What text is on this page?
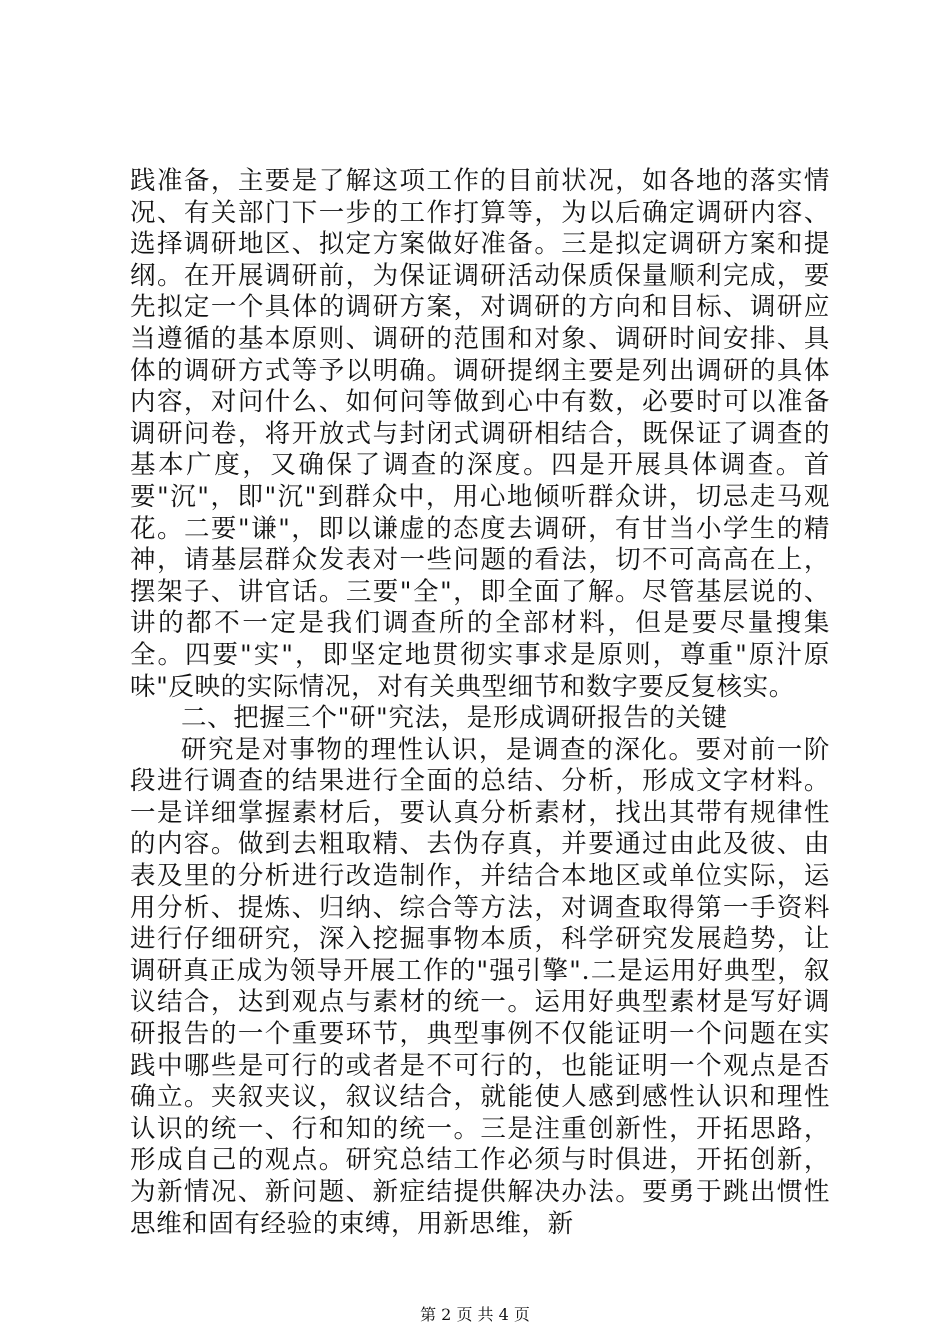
践准备，主要是了解这项工作的目前状况，如各地的落实情况、有关部门下一步的工作打算等，为以后确定调研内容、选择调研地区、拟定方案做好准备。三是拟定调研方案和提纲。在开展调研前，为保证调研活动保质保量顺利完成，要先拟定一个具体的调研方案，对调研的方向和目标、调研应当遵循的基本原则、调研的范围和对象、调研时间安排、具体的调研方式等予以明确。调研提纲主要是列出调研的具体内容，对问什么、如何问等做到心中有数，必要时可以准备调研问卷，将开放式与封闭式调研相结合，既保证了调查的基本广度，又确保了调查的深度。四是开展具体调查。首要"沉"，即"沉"到群众中，用心地倾听群众讲，切忌走马观花。二要"谦"，即以谦虚的态度去调研，有甘当小学生的精神，请基层群众发表对一些问题的看法，切不可高高在上，摆架子、讲官话。三要"全"，即全面了解。尽管基层说的、讲的都不一定是我们调查所的全部材料，但是要尽量搜集全。四要"实"，即坚定地贯彻实事求是原则，尊重"原汁原味"反映的实际情况，对有关典型细节和数字要反复核实。

二、把握三个"研"究法，是形成调研报告的关键

研究是对事物的理性认识，是调查的深化。要对前一阶段进行调查的结果进行全面的总结、分析，形成文字材料。一是详细掌握素材后，要认真分析素材，找出其带有规律性的内容。做到去粗取精、去伪存真，并要通过由此及彼、由表及里的分析进行改造制作，并结合本地区或单位实际，运用分析、提炼、归纳、综合等方法，对调查取得第一手资料进行仔细研究，深入挖掘事物本质，科学研究发展趋势，让调研真正成为领导开展工作的"强引擎".二是运用好典型，叙议结合，达到观点与素材的统一。运用好典型素材是写好调研报告的一个重要环节，典型事例不仅能证明一个问题在实践中哪些是可行的或者是不可行的，也能证明一个观点是否确立。夹叙夹议，叙议结合，就能使人感到感性认识和理性认识的统一、行和知的统一。三是注重创新性，开拓思路，形成自己的观点。研究总结工作必须与时俱进，开拓创新，为新情况、新问题、新症结提供解决办法。要勇于跳出惯性思维和固有经验的束缚，用新思维，新

第 2 页 共 4 页
